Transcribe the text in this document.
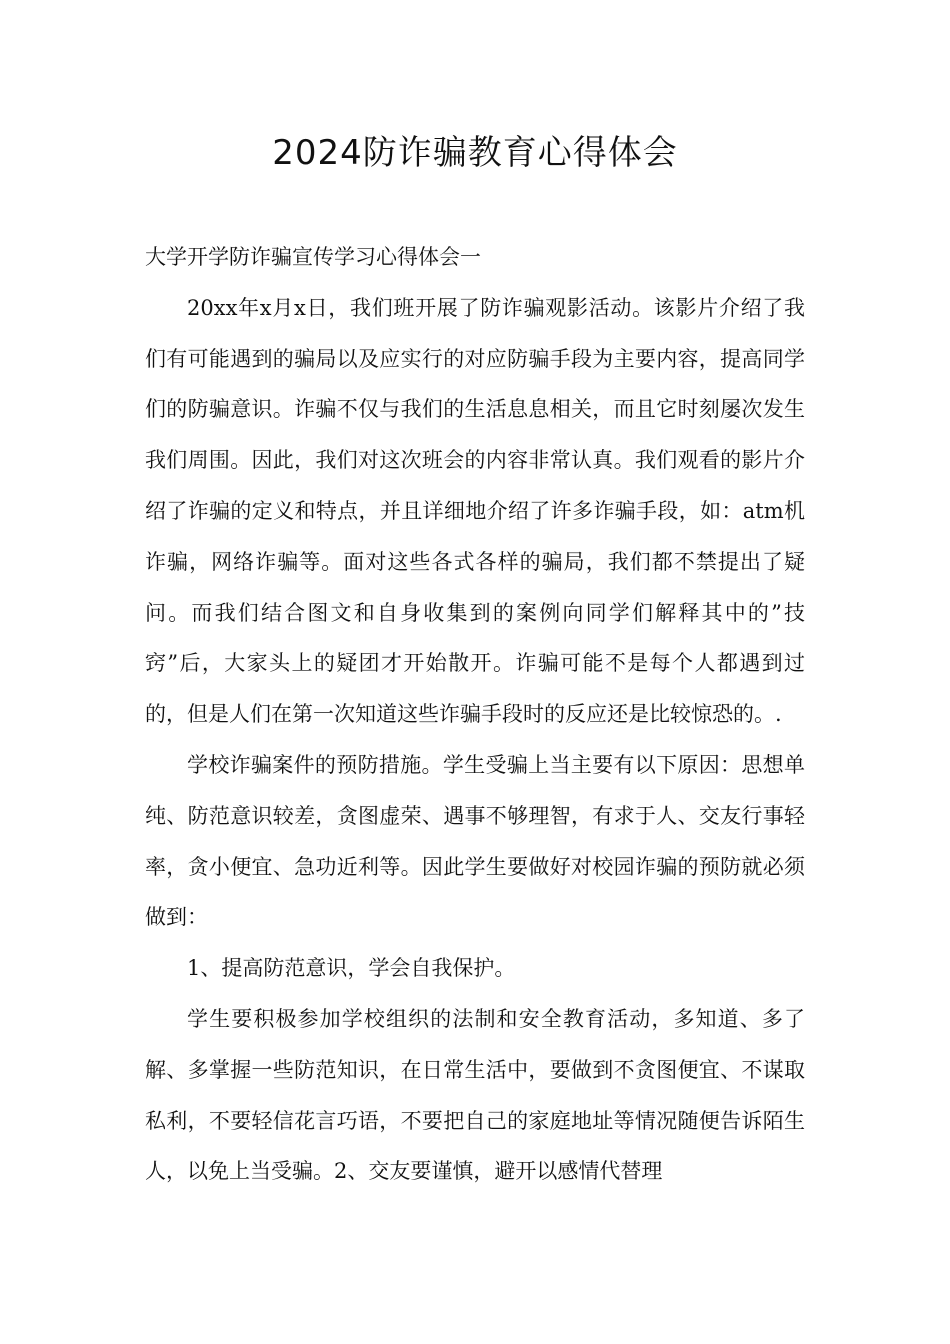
2024防诈骗教育心得体会

大学开学防诈骗宣传学习心得体会一

20xx年x月x日，我们班开展了防诈骗观影活动。该影片介绍了我们有可能遇到的骗局以及应实行的对应防骗手段为主要内容，提高同学们的防骗意识。诈骗不仅与我们的生活息息相关，而且它时刻屡次发生我们周围。因此，我们对这次班会的内容非常认真。我们观看的影片介绍了诈骗的定义和特点，并且详细地介绍了许多诈骗手段，如：atm机诈骗，网络诈骗等。面对这些各式各样的骗局，我们都不禁提出了疑问。而我们结合图文和自身收集到的案例向同学们解释其中的”技窍”后，大家头上的疑团才开始散开。诈骗可能不是每个人都遇到过的，但是人们在第一次知道这些诈骗手段时的反应还是比较惊恐的。.

学校诈骗案件的预防措施。学生受骗上当主要有以下原因：思想单纯、防范意识较差，贪图虚荣、遇事不够理智，有求于人、交友行事轻率，贪小便宜、急功近利等。因此学生要做好对校园诈骗的预防就必须做到：

1、提高防范意识，学会自我保护。

学生要积极参加学校组织的法制和安全教育活动，多知道、多了解、多掌握一些防范知识，在日常生活中，要做到不贪图便宜、不谋取私利，不要轻信花言巧语，不要把自己的家庭地址等情况随便告诉陌生人，以免上当受骗。2、交友要谨慎，避开以感情代替理
